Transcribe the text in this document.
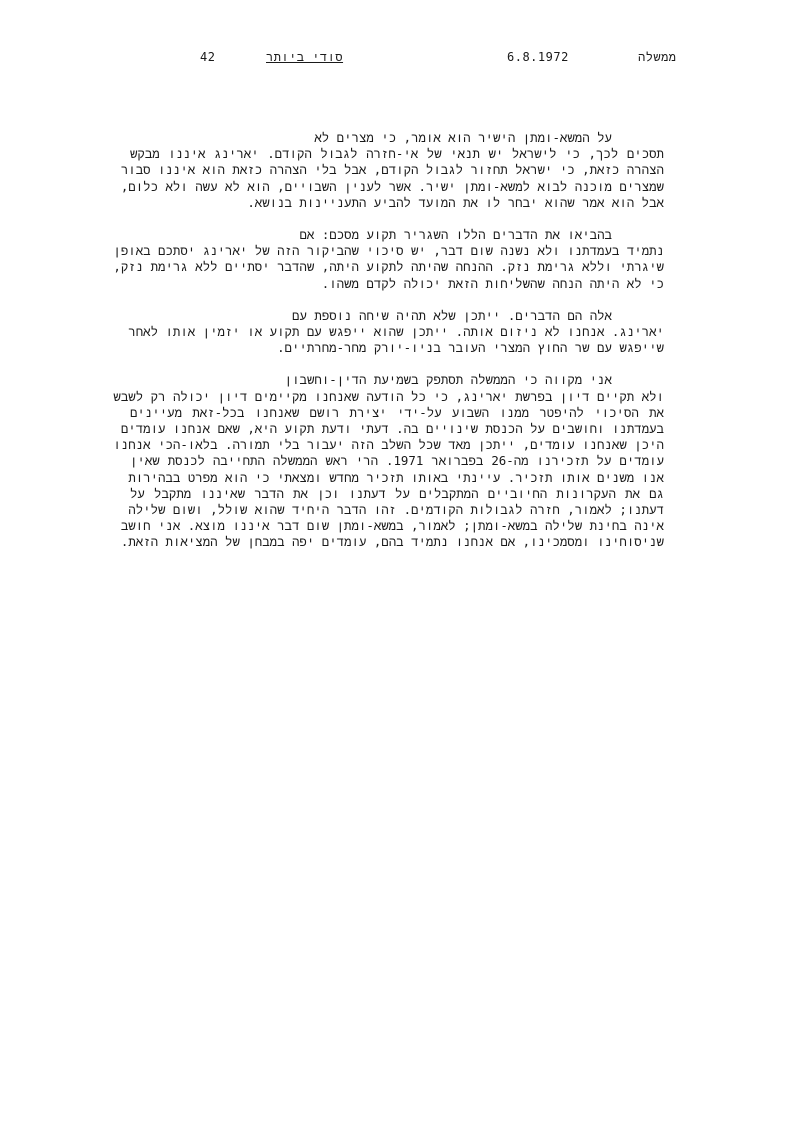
42	סודי ביותר	6.8.1972	ממשלה

על המשא-ומתן הישיר הוא אומר, כי מצרים לא
תסכים לכך, כי לישראל יש תנאי של אי-חזרה לגבול הקודם. יארינג איננו מבקש
הצהרה כזאת, כי ישראל תחזור לגבול הקודם, אבל בלי הצהרה כזאת הוא איננו סבור
שמצרים מוכנה לבוא למשא-ומתן ישיר. אשר לענין השבויים, הוא לא עשה ולא כלום,
אבל הוא אמר שהוא יבחר לו את המועד להביע התעניינות בנושא.

בהביאו את הדברים הללו השגריר תקוע מסכם: אם
נתמיד בעמדתנו ולא נשנה שום דבר, יש סיכוי שהביקור הזה של יארינג יסתכם באופן
שיגרתי וללא גרימת נזק. ההנחה שהיתה לתקוע היתה, שהדבר יסתיים ללא גרימת נזק,
כי לא היתה הנחה שהשליחות הזאת יכולה לקדם משהו.

אלה הם הדברים. ייתכן שלא תהיה שיחה נוספת עם
יארינג. אנחנו לא ניזום אותה. ייתכן שהוא ייפגש עם תקוע או יזמין אותו לאחר
שייפגש עם שר החוץ המצרי העובר בניו-יורק מחר-מחרתיים.

אני מקווה כי הממשלה תסתפק בשמיעת הדין-וחשבון
ולא תקיים דיון בפרשת יארינג, כי כל הודעה שאנחנו מקיימים דיון יכולה רק לשבש
את הסיכוי להיפטר ממנו השבוע על-ידי יצירת רושם שאנחנו בכל-זאת מעיינים
בעמדתנו וחושבים על הכנסת שינויים בה. דעתי ודעת תקוע היא, שאם אנחנו עומדים
היכן שאנחנו עומדים, ייתכן מאד שכל השלב הזה יעבור בלי תמורה. בלאו-הכי אנחנו
עומדים על תזכירנו מה-26 בפברואר 1971. הרי ראש הממשלה התחייבה לכנסת שאין
אנו משנים אותו תזכיר. עיינתי באותו תזכיר מחדש ומצאתי כי הוא מפרט בבהירות
גם את העקרונות החיוביים המתקבלים על דעתנו וכן את הדבר שאיננו מתקבל על
דעתנו; לאמור, חזרה לגבולות הקודמים. זהו הדבר היחיד שהוא שולל, ושום שלילה
אינה בחינת שלילה במשא-ומתן; לאמור, במשא-ומתן שום דבר איננו מוצא. אני חושב
שניסוחינו ומסמכינו, אם אנחנו נתמיד בהם, עומדים יפה במבחן של המציאות הזאת.
